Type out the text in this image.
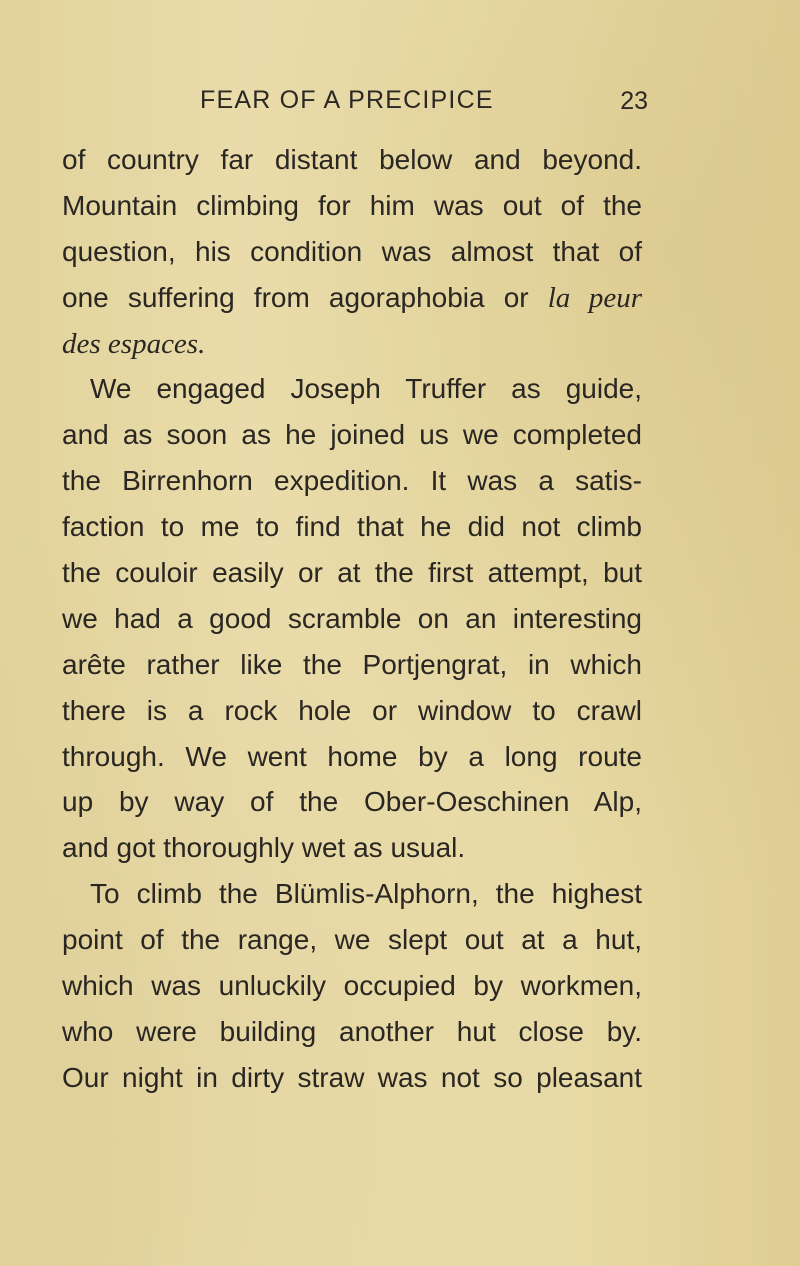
FEAR OF A PRECIPICE	23
of country far distant below and beyond.
Mountain climbing for him was out of the
question, his condition was almost that of
one suffering from agoraphobia or la peur
des espaces.
We engaged Joseph Truffer as guide,
and as soon as he joined us we completed
the Birrenhorn expedition. It was a satis-
faction to me to find that he did not climb
the couloir easily or at the first attempt, but
we had a good scramble on an interesting
arête rather like the Portjengrat, in which
there is a rock hole or window to crawl
through. We went home by a long route
up by way of the Ober-Oeschinen Alp,
and got thoroughly wet as usual.
To climb the Blümlis-Alphorn, the highest
point of the range, we slept out at a hut,
which was unluckily occupied by workmen,
who were building another hut close by.
Our night in dirty straw was not so pleasant
